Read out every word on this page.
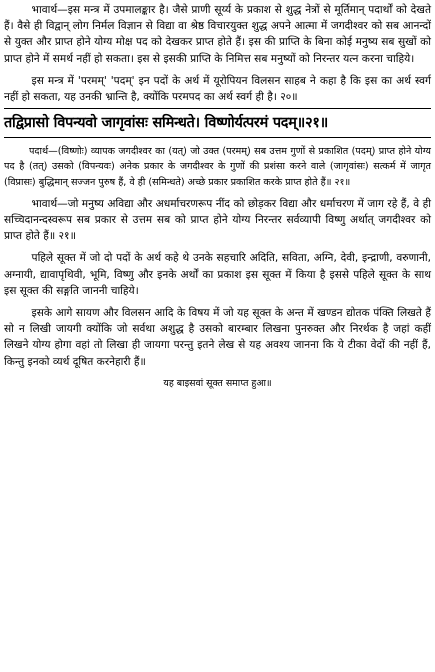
भावार्थ—इस मन्त्र में उपमालङ्कार है। जैसे प्राणी सूर्य्य के प्रकाश से शुद्ध नेत्रों से मूर्तिमान् पदार्थों को देखते हैं। वैसे ही विद्वान् लोग निर्मल विज्ञान से विद्या वा श्रेष्ठ विचारयुक्त शुद्ध अपने आत्मा में जगदीश्वर को सब आनन्दों से युक्त और प्राप्त होने योग्य मोक्ष पद को देखकर प्राप्त होते हैं। इस की प्राप्ति के बिना कोई मनुष्य सब सुखों को प्राप्त होने में समर्थ नहीं हो सकता। इस से इसकी प्राप्ति के निमित्त सब मनुष्यों को निरन्तर यत्न करना चाहिये।

इस मन्त्र में 'परमम्' 'पदम्' इन पदों के अर्थ में यूरोपियन विलसन साहब ने कहा है कि इस का अर्थ स्वर्ग नहीं हो सकता, यह उनकी भ्रान्ति है, क्योंकि परमपद का अर्थ स्वर्ग ही है। २०॥

तद्विप्रासो विपन्यवो जागृवांसः समिन्धते। विष्णोर्यत्परमं पदम्॥२१॥

पदार्थ—(विष्णोः) व्यापक जगदीश्वर का (यत्) जो उक्त (परमम्) सब उत्तम गुणों से प्रकाशित (पदम्) प्राप्त होने योग्य पद है (तत्) उसको (विपन्यवः) अनेक प्रकार के जगदीश्वर के गुणों की प्रशंसा करने वाले (जागृवांसः) सत्कर्म में जागृत (विप्रासः) बुद्धिमान् सज्जन पुरुष हैं, वे ही (समिन्धते) अच्छे प्रकार प्रकाशित करके प्राप्त होते हैं॥ २१॥

भावार्थ—जो मनुष्य अविद्या और अधर्माचरणरूप नींद को छोड़कर विद्या और धर्माचरण में जाग रहे हैं, वे ही सच्चिदानन्दस्वरूप सब प्रकार से उत्तम सब को प्राप्त होने योग्य निरन्तर सर्वव्यापी विष्णु अर्थात् जगदीश्वर को प्राप्त होते हैं॥ २१॥

पहिले सूक्त में जो दो पदों के अर्थ कहे थे उनके सहचारि अदिति, सविता, अग्नि, देवी, इन्द्राणी, वरुणानी, अग्नायी, द्यावापृथिवी, भूमि, विष्णु और इनके अर्थों का प्रकाश इस सूक्त में किया है इससे पहिले सूक्त के साथ इस सूक्त की सङ्गति जाननी चाहिये।

इसके आगे सायण और विलसन आदि के विषय में जो यह सूक्त के अन्त में खण्डन द्योतक पंक्ति लिखते हैं सो न लिखी जायगी क्योंकि जो सर्वथा अशुद्ध है उसको बारम्बार लिखना पुनरुक्त और निरर्थक है जहां कहीं लिखने योग्य होगा वहां तो लिखा ही जायगा परन्तु इतने लेख से यह अवश्य जानना कि ये टीका वेदों की नहीं हैं, किन्तु इनको व्यर्थ दूषित करनेहारी हैं॥

यह बाइसवां सूक्त समाप्त हुआ॥
